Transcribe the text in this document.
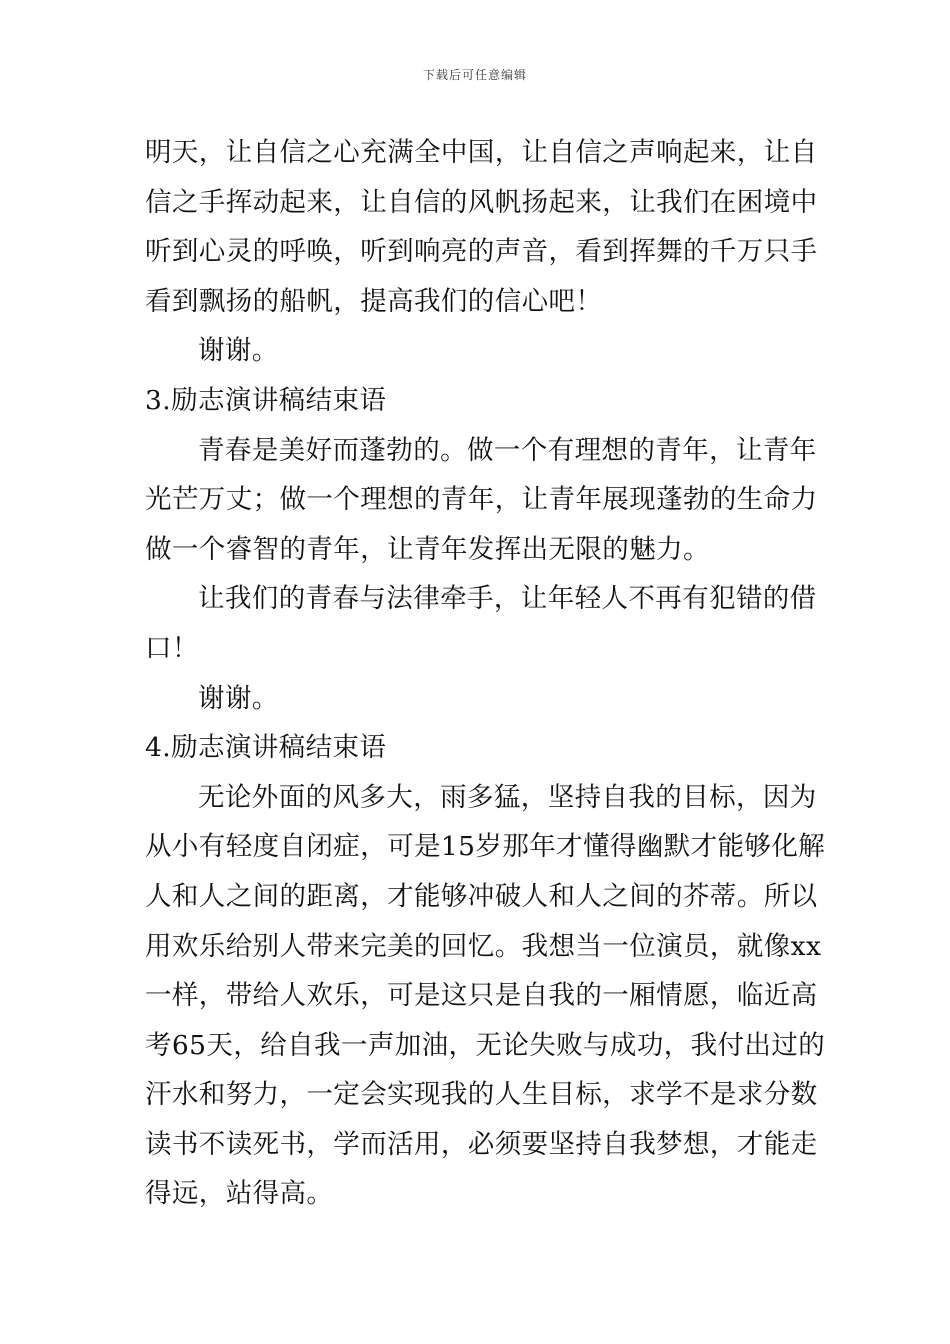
下载后可任意编辑
明天，让自信之心充满全中国，让自信之声响起来，让自
信之手挥动起来，让自信的风帆扬起来，让我们在困境中
听到心灵的呼唤，听到响亮的声音，看到挥舞的千万只手
看到飘扬的船帆，提高我们的信心吧！
谢谢。
3.励志演讲稿结束语
青春是美好而蓬勃的。做一个有理想的青年，让青年
光芒万丈；做一个理想的青年，让青年展现蓬勃的生命力
做一个睿智的青年，让青年发挥出无限的魅力。
让我们的青春与法律牵手，让年轻人不再有犯错的借
口！
谢谢。
4.励志演讲稿结束语
无论外面的风多大，雨多猛，坚持自我的目标，因为
从小有轻度自闭症，可是15岁那年才懂得幽默才能够化解
人和人之间的距离，才能够冲破人和人之间的芥蒂。所以
用欢乐给别人带来完美的回忆。我想当一位演员，就像xx
一样，带给人欢乐，可是这只是自我的一厢情愿，临近高
考65天，给自我一声加油，无论失败与成功，我付出过的
汗水和努力，一定会实现我的人生目标，求学不是求分数
读书不读死书，学而活用，必须要坚持自我梦想，才能走
得远，站得高。
